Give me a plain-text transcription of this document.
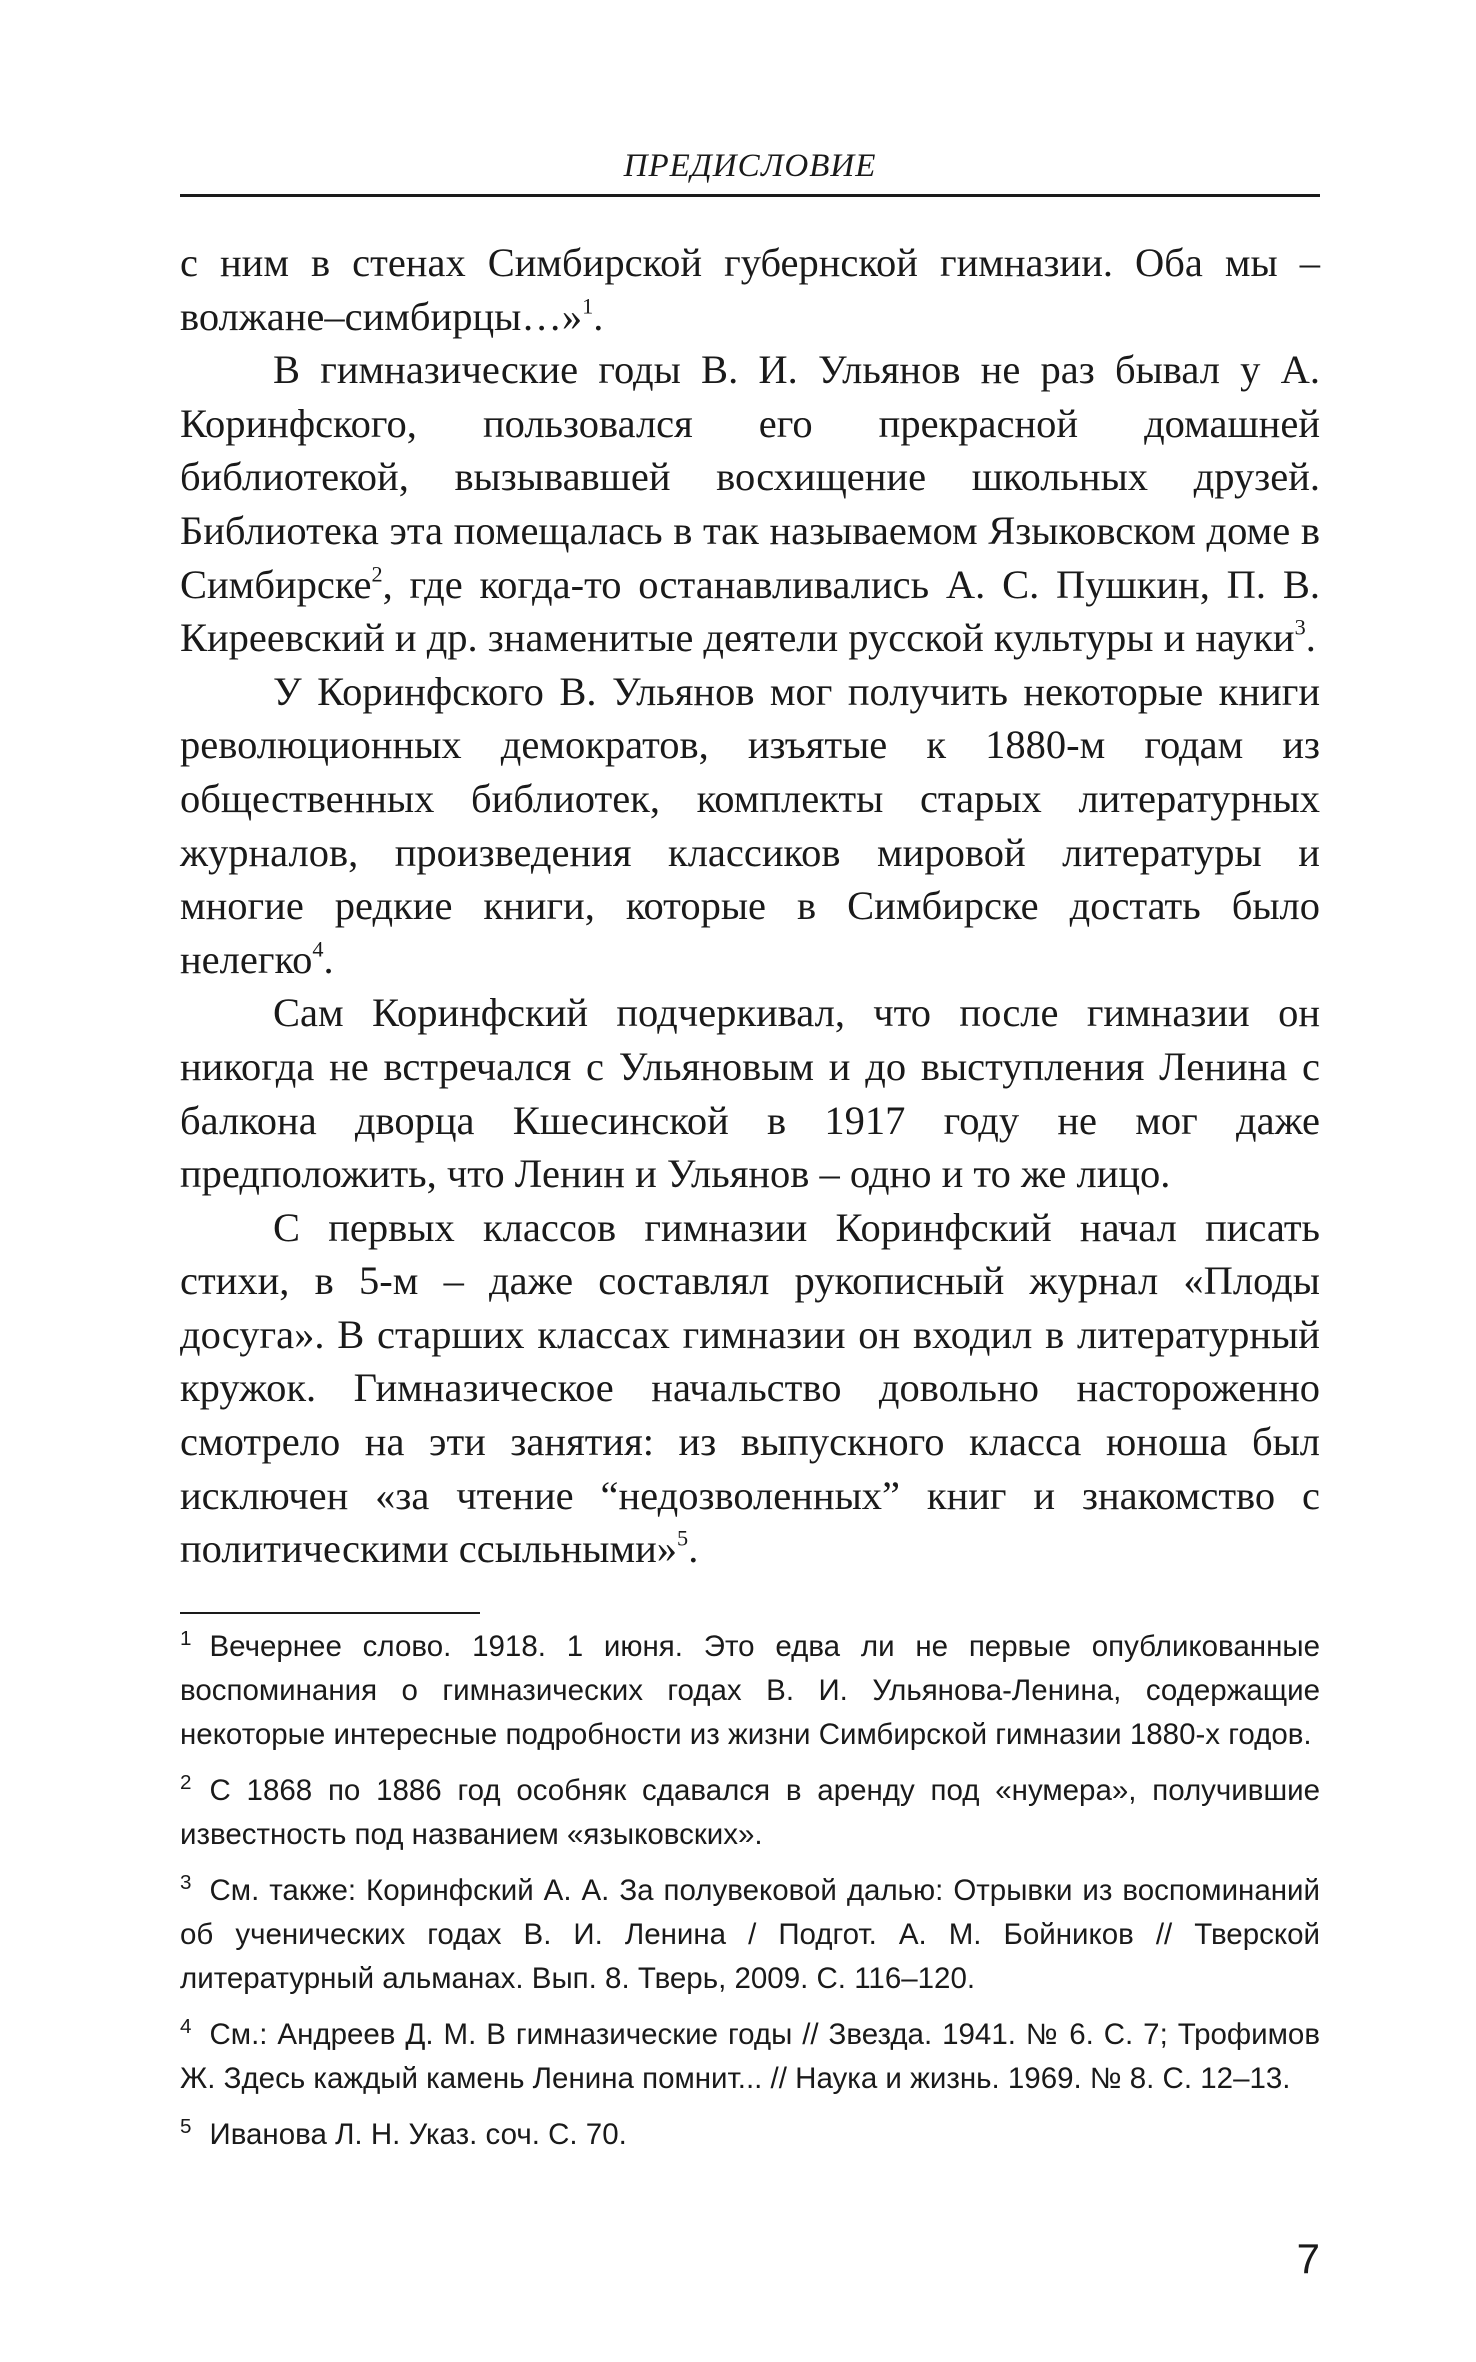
ПРЕДИСЛОВИЕ

с ним в стенах Симбирской губернской гимназии. Оба мы – волжане–симбирцы…»$^1$.

В гимназические годы В. И. Ульянов не раз бывал у А. Коринфского, пользовался его прекрасной домашней библиотекой, вызывавшей восхищение школьных друзей. Библиотека эта помещалась в так называемом Языковском доме в Симбирске$^2$, где когда-то останавливались А. С. Пушкин, П. В. Киреевский и др. знаменитые деятели русской культуры и науки$^3$.

У Коринфского В. Ульянов мог получить некоторые книги революционных демократов, изъятые к 1880-м годам из общественных библиотек, комплекты старых литературных журналов, произведения классиков мировой литературы и многие редкие книги, которые в Симбирске достать было нелегко$^4$.

Сам Коринфский подчеркивал, что после гимназии он никогда не встречался с Ульяновым и до выступления Ленина с балкона дворца Кшесинской в 1917 году не мог даже предположить, что Ленин и Ульянов – одно и то же лицо.

С первых классов гимназии Коринфский начал писать стихи, в 5-м – даже составлял рукописный журнал «Плоды досуга». В старших классах гимназии он входил в литературный кружок. Гимназическое начальство довольно настороженно смотрело на эти занятия: из выпускного класса юноша был исключен «за чтение “недозволенных” книг и знакомство с политическими ссыльными»$^5$.

$^1$ Вечернее слово. 1918. 1 июня. Это едва ли не первые опубликованные воспоминания о гимназических годах В. И. Ульянова-Ленина, содержащие некоторые интересные подробности из жизни Симбирской гимназии 1880-х годов.

$^2$ С 1868 по 1886 год особняк сдавался в аренду под «нумера», получившие известность под названием «языковских».

$^3$ См. также: Коринфский А. А. За полувековой далью: Отрывки из воспоминаний об ученических годах В. И. Ленина / Подгот. А. М. Бойников // Тверской литературный альманах. Вып. 8. Тверь, 2009. С. 116–120.

$^4$ См.: Андреев Д. М. В гимназические годы // Звезда. 1941. № 6. С. 7; Трофимов Ж. Здесь каждый камень Ленина помнит... // Наука и жизнь. 1969. № 8. С. 12–13.

$^5$ Иванова Л. Н. Указ. соч. С. 70.

7
